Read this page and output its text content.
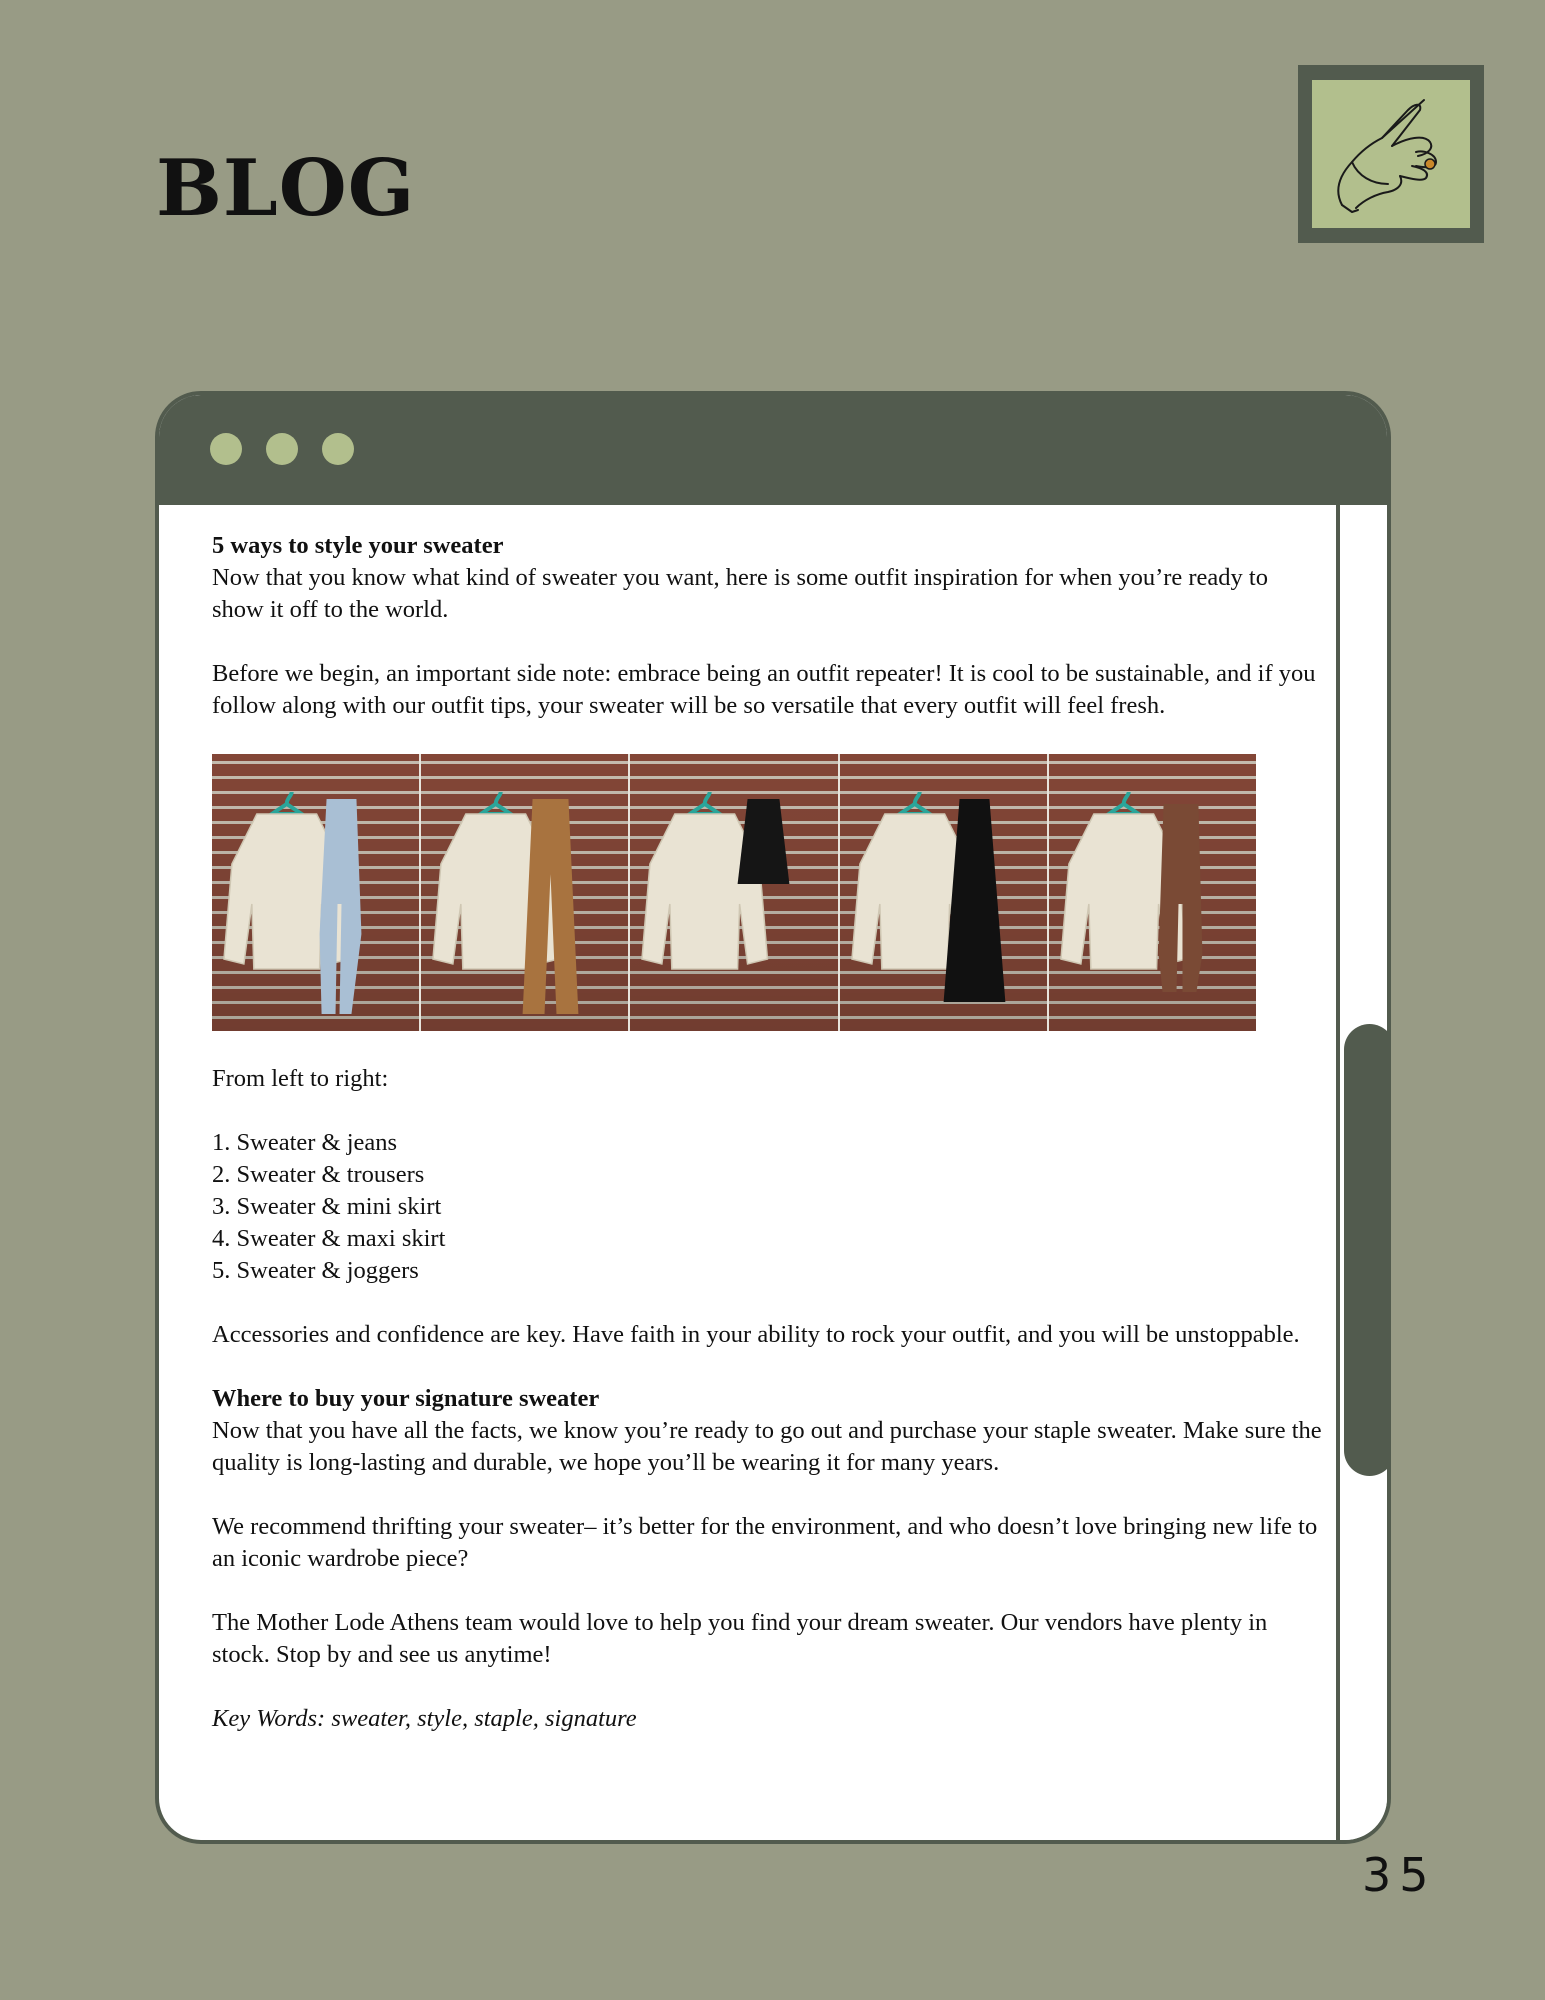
BLOG

5 ways to style your sweater
Now that you know what kind of sweater you want, here is some outfit inspiration for when you’re ready to show it off to the world.

Before we begin, an important side note: embrace being an outfit repeater! It is cool to be sustainable, and if you follow along with our outfit tips, your sweater will be so versatile that every outfit will feel fresh.

From left to right:

1. Sweater & jeans
2. Sweater & trousers
3. Sweater & mini skirt
4. Sweater & maxi skirt
5. Sweater & joggers

Accessories and confidence are key. Have faith in your ability to rock your outfit, and you will be unstoppable.

Where to buy your signature sweater
Now that you have all the facts, we know you’re ready to go out and purchase your staple sweater. Make sure the quality is long-lasting and durable, we hope you’ll be wearing it for many years.

We recommend thrifting your sweater– it’s better for the environment, and who doesn’t love bringing new life to an iconic wardrobe piece?

The Mother Lode Athens team would love to help you find your dream sweater. Our vendors have plenty in stock. Stop by and see us anytime!

Key Words: sweater, style, staple, signature

35
